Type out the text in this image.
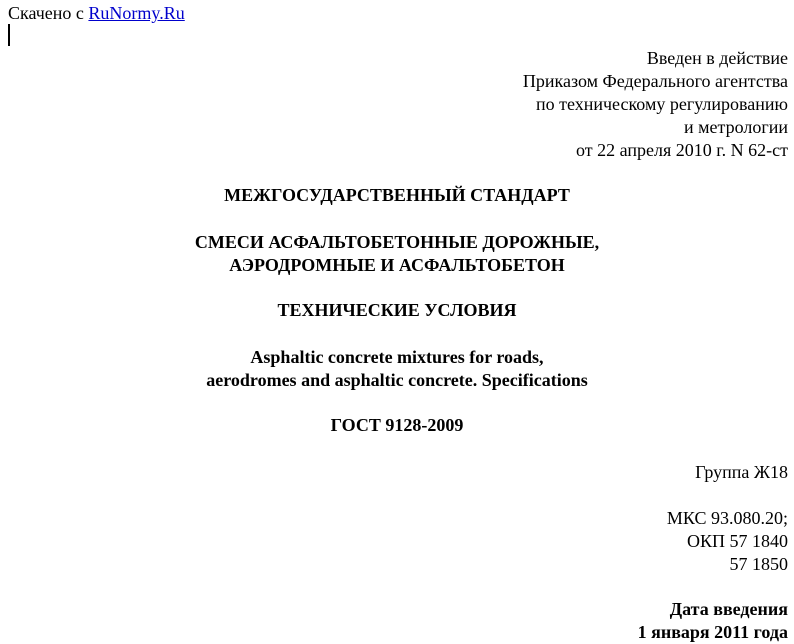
Скачено с RuNormy.Ru
Введен в действие
Приказом Федерального агентства
по техническому регулированию
и метрологии
от 22 апреля 2010 г. N 62-ст
МЕЖГОСУДАРСТВЕННЫЙ СТАНДАРТ
СМЕСИ АСФАЛЬТОБЕТОННЫЕ ДОРОЖНЫЕ,
АЭРОДРОМНЫЕ И АСФАЛЬТОБЕТОН
ТЕХНИЧЕСКИЕ УСЛОВИЯ
Asphaltic concrete mixtures for roads,
aerodromes and asphaltic concrete. Specifications
ГОСТ 9128-2009
Группа Ж18
МКС 93.080.20;
ОКП 57 1840
57 1850
Дата введения
1 января 2011 года
